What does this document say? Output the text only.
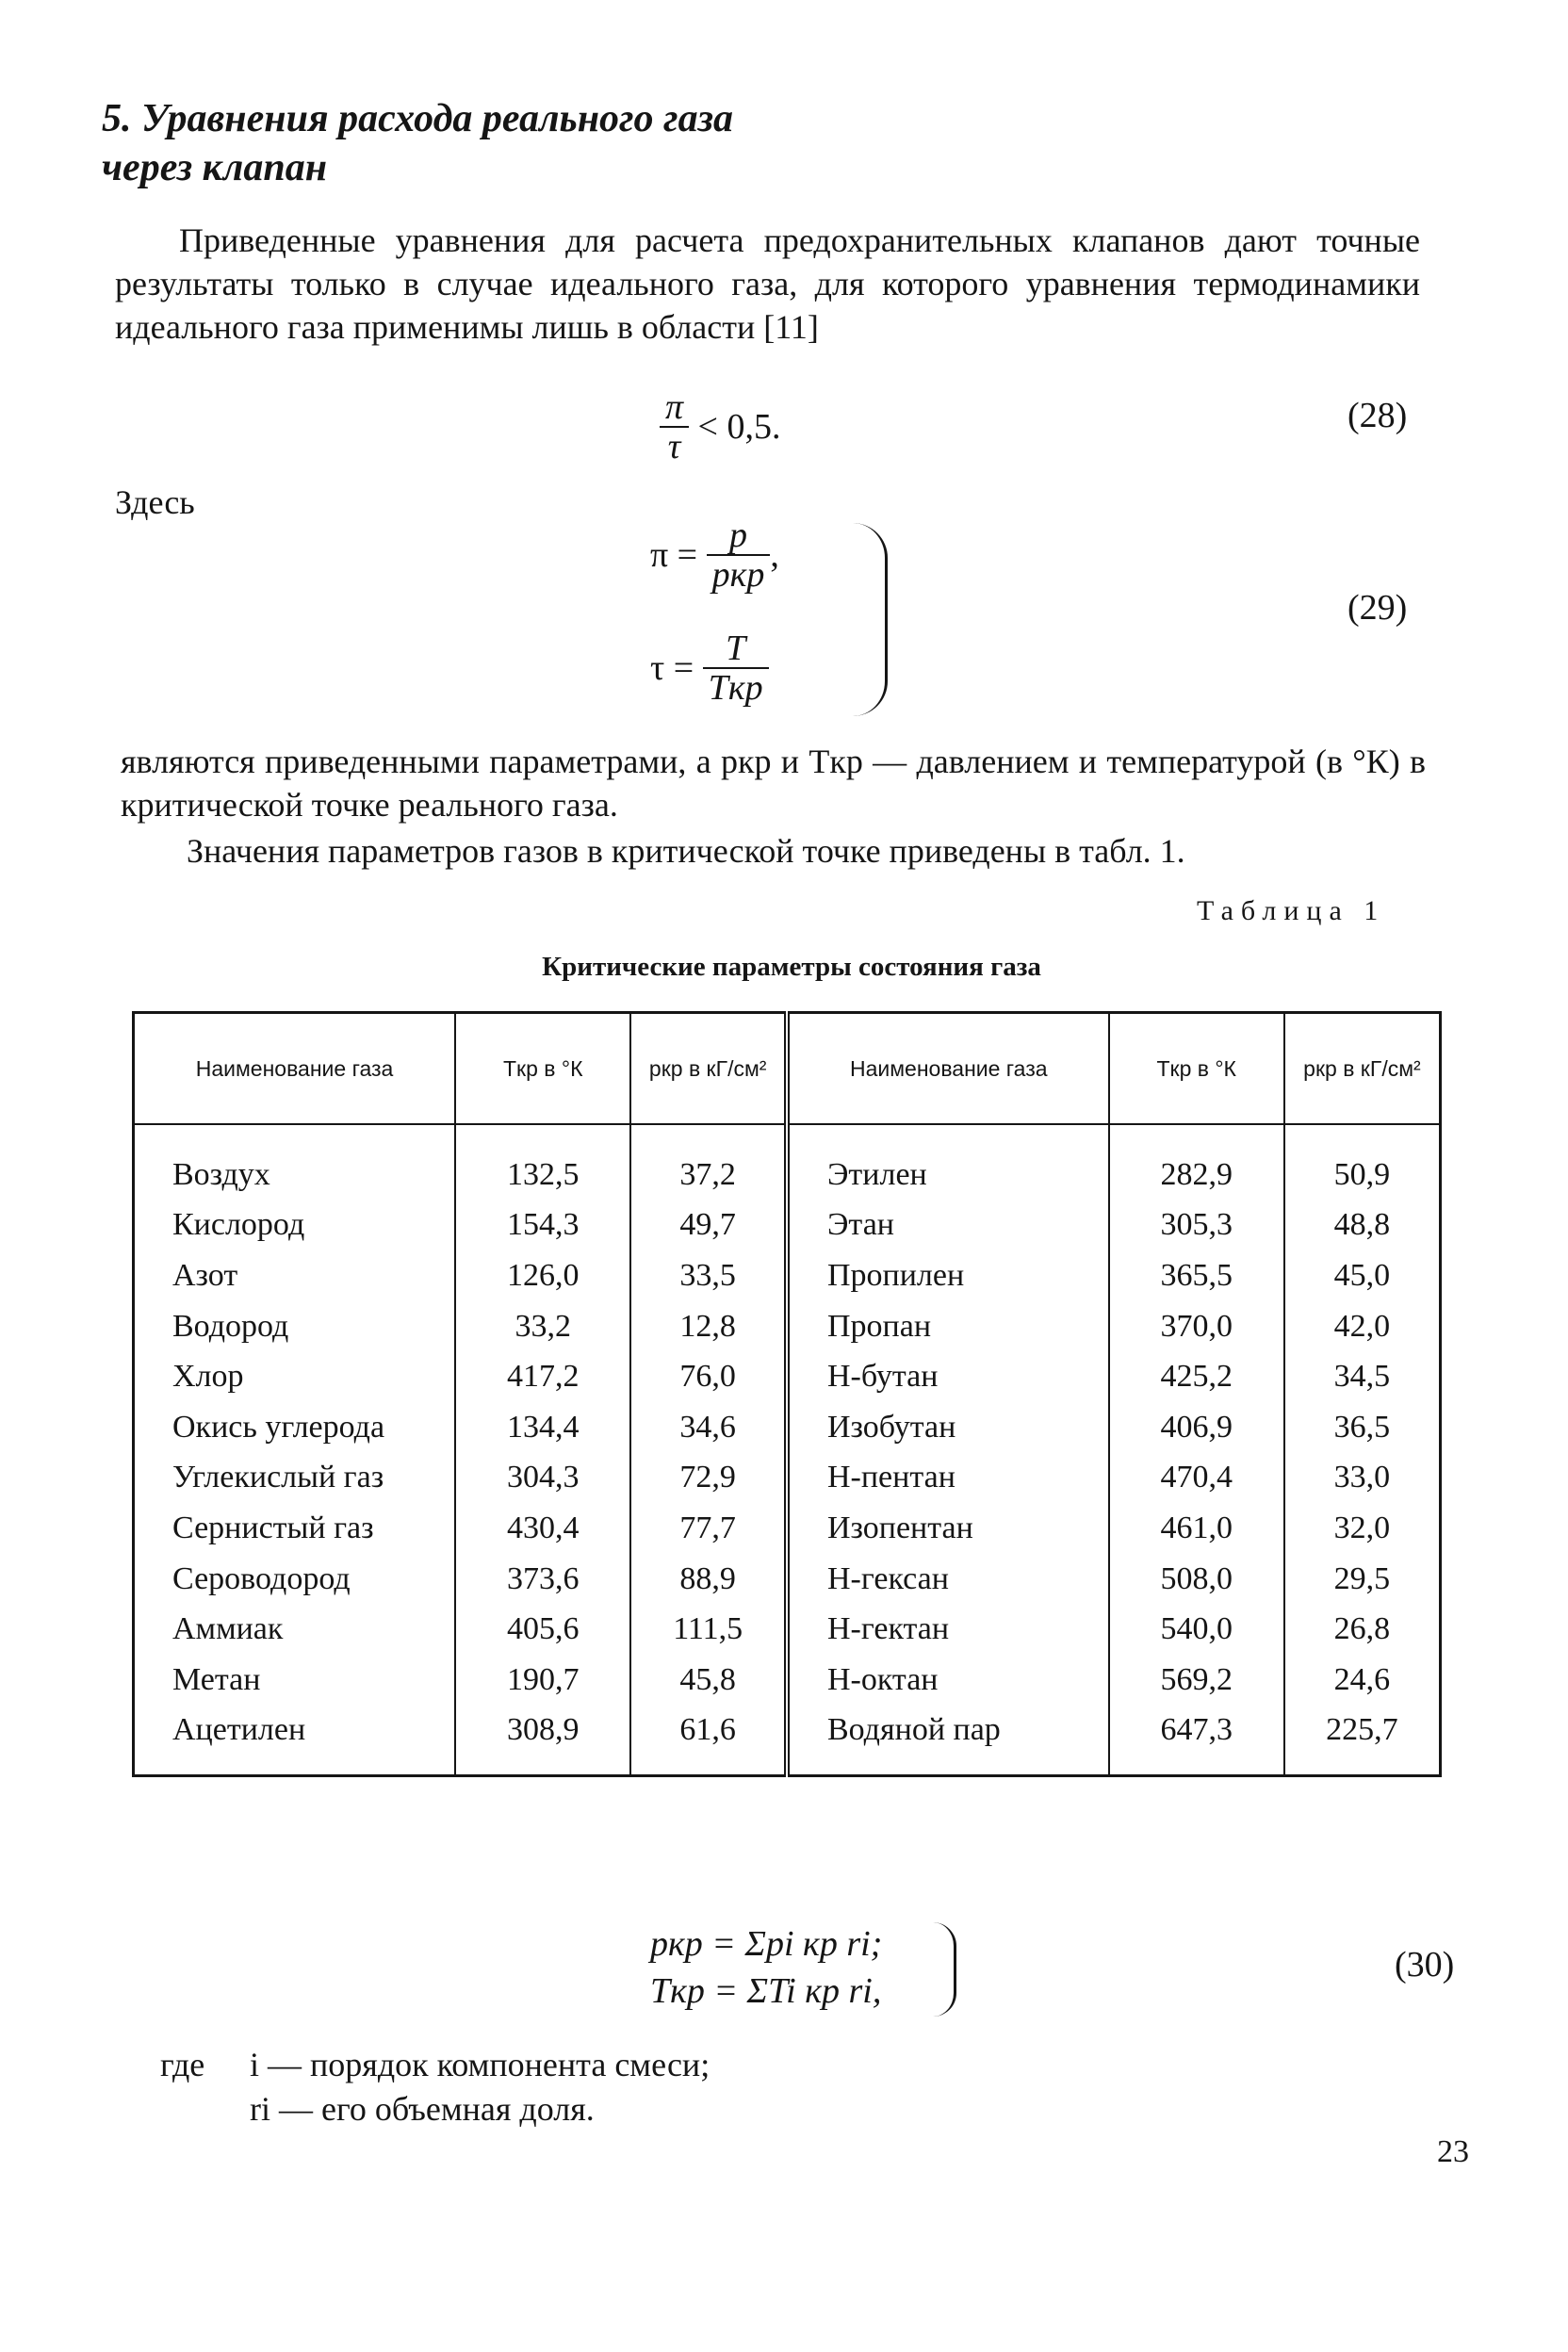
5. Уравнения расхода реального газа
через клапан

Приведенные уравнения для расчета предохранительных клапанов дают точные результаты только в случае идеального газа, для которого уравнения термодинамики идеального газа применимы лишь в области [11]

$\frac{\pi}{\tau} < 0,5$.	(28)
Здесь
$\pi = \frac{p}{\text{pкр}}$ ,
$\tau = \frac{T}{\text{Tкр}}$
(29)

являются приведенными параметрами, а pкр и Tкр — давлением и температурой (в °К) в критической точке реального газа.

Значения параметров газов в критической точке приведены в табл. 1.

Таблица 1
Критические параметры состояния газа
Наименование газа	Tкр в °К	pкр в кГ/см²	Наименование газа	Tкр в °К	pкр в кГ/см²
Воздух	132,5	37,2	Этилен	282,9	50,9
Кислород	154,3	49,7	Этан	305,3	48,8
Азот	126,0	33,5	Пропилен	365,5	45,0
Водород	33,2	12,8	Пропан	370,0	42,0
Хлор	417,2	76,0	Н-бутан	425,2	34,5
Окись углерода	134,4	34,6	Изобутан	406,9	36,5
Углекислый газ	304,3	72,9	Н-пентан	470,4	33,0
Сернистый газ	430,4	77,7	Изопентан	461,0	32,0
Сероводород	373,6	88,9	Н-гексан	508,0	29,5
Аммиак	405,6	111,5	Н-гектан	540,0	26,8
Метан	190,7	45,8	Н-октан	569,2	24,6
Ацетилен	308,9	61,6	Водяной пар	647,3	225,7
pкр = Σpi кр ri;
Tкр = ΣTi кр ri,
(30)
где i — порядок компонента смеси;
ri — его объемная доля.
23
